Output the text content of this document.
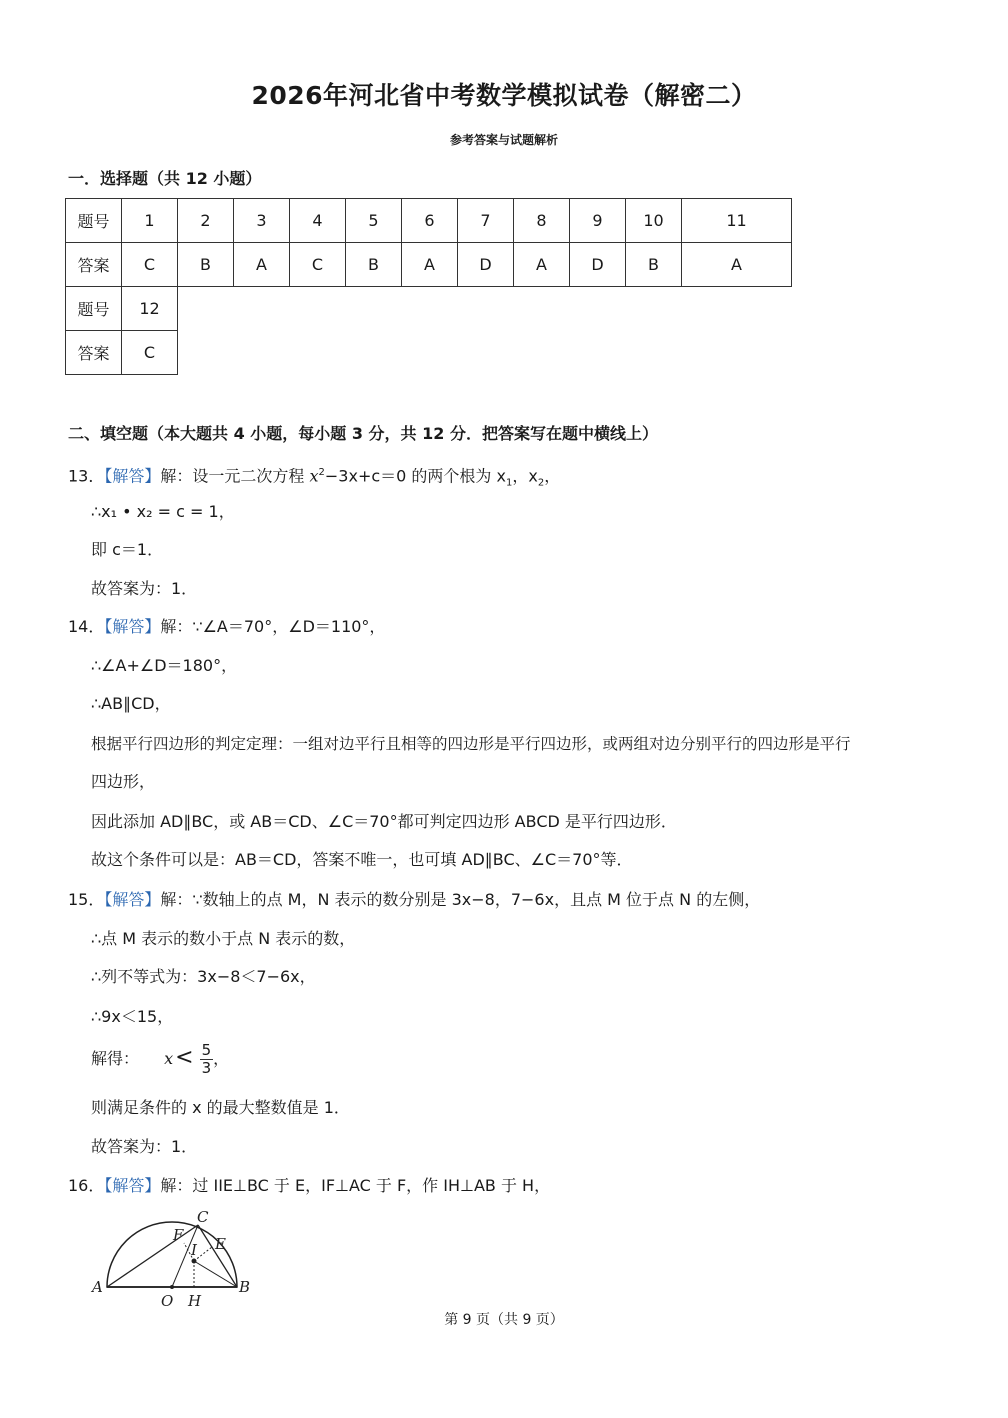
2026年河北省中考数学模拟试卷（解密二）
参考答案与试题解析
一．选择题（共 12 小题）
题号	1	2	3	4	5	6	7	8	9	10	11
答案	C	B	A	C	B	A	D	A	D	B	A
题号	12										
答案	C										
二、填空题（本大题共 4 小题，每小题 3 分，共 12 分．把答案写在题中横线上）
13．【解答】解：设一元二次方程 $x^2-3x+c=0$ 的两个根为 $x_1$，$x_2$，
∴x₁ • x₂ = c = 1，
即 c＝1．
故答案为：1．
14．【解答】解：∵∠A＝70°，∠D＝110°，
∴∠A+∠D＝180°，
∴AB∥CD，
根据平行四边形的判定定理：一组对边平行且相等的四边形是平行四边形，或两组对边分别平行的四边形是平行
四边形，
因此添加 AD∥BC，或 AB＝CD、∠C＝70°都可判定四边形 ABCD 是平行四边形．
故这个条件可以是：AB＝CD，答案不唯一，也可填 AD∥BC、∠C＝70°等．
15．【解答】解：∵数轴上的点 M，N 表示的数分别是 3x−8，7−6x，且点 M 位于点 N 的左侧，
∴点 M 表示的数小于点 N 表示的数，
∴列不等式为：3x−8＜7−6x，
∴9x＜15，
解得： $x< \frac{5}{3}$ ，
则满足条件的 x 的最大整数值是 1．
故答案为：1．
16．【解答】解：过 IIE⊥BC 于 E，IF⊥AC 于 F，作 IH⊥AB 于 H，
A	B
C
E
F
I
O H
第 9 页（共 9 页）
